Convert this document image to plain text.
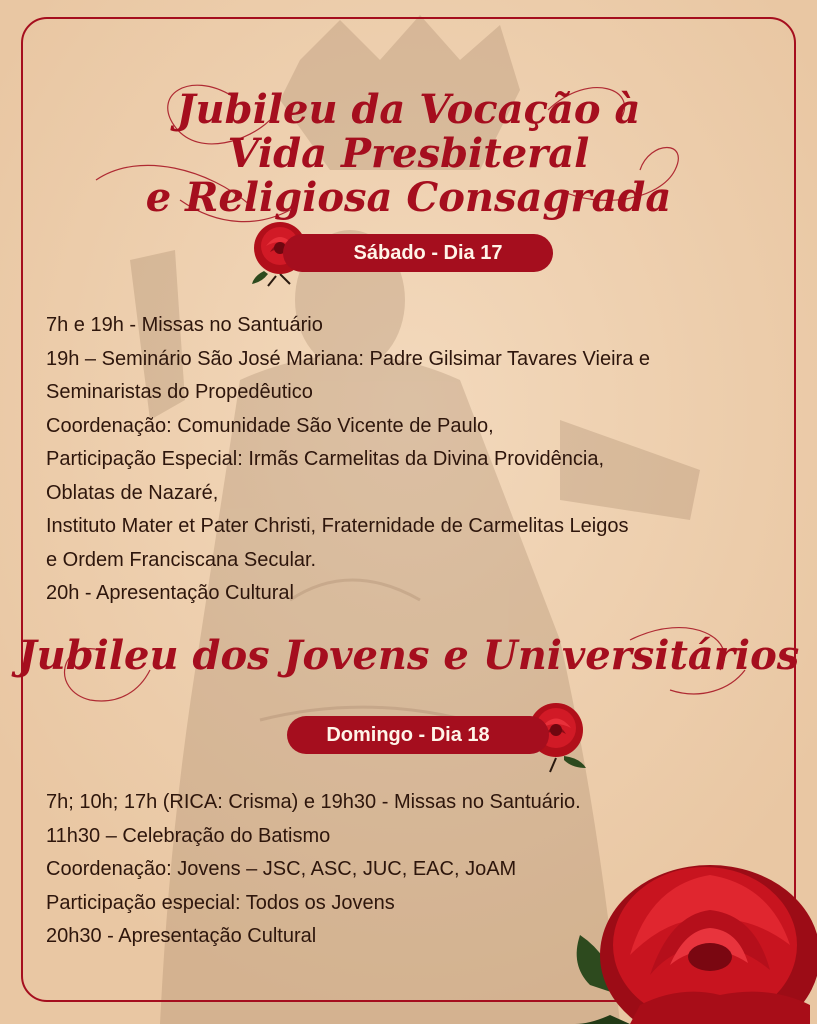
Jubileu da Vocação à
Vida Presbiteral
e Religiosa Consagrada
Sábado - Dia 17
7h e 19h - Missas no Santuário
19h – Seminário São José Mariana: Padre Gilsimar Tavares Vieira e
Seminaristas do Propedêutico
Coordenação: Comunidade São Vicente de Paulo,
Participação Especial: Irmãs Carmelitas da Divina Providência,
Oblatas de Nazaré,
Instituto Mater et Pater Christi, Fraternidade de Carmelitas Leigos
e Ordem Franciscana Secular.
20h - Apresentação Cultural
Jubileu dos Jovens e Universitários
Domingo - Dia 18
7h; 10h; 17h (RICA: Crisma) e 19h30 - Missas no Santuário.
11h30 – Celebração do Batismo
Coordenação: Jovens – JSC, ASC, JUC, EAC, JoAM
Participação especial: Todos os Jovens
20h30 - Apresentação Cultural
